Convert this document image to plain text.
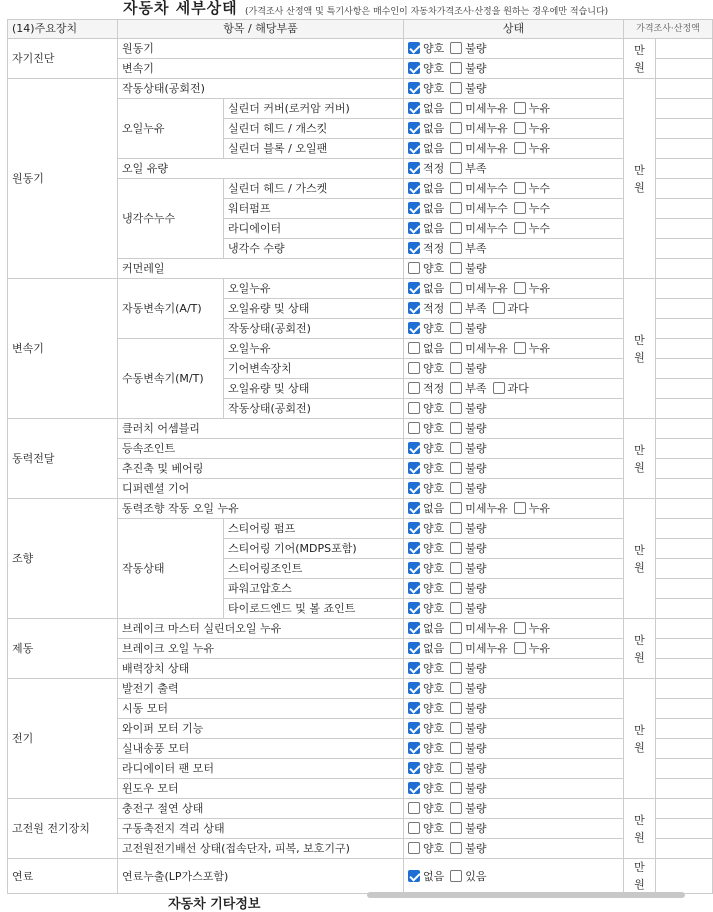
자동차 세부상태 (가격조사 산정액 및 특기사항은 매수인이 자동차가격조사·산정을 원하는 경우에만 적습니다)
(14)주요장치	항목 / 해당부품		상태	가격조사·산정액	
자기진단	원동기		양호 불량	만
원	
	변속기		양호 불량		
원동기	작동상태(공회전)		양호 불량	만
원	
	오일누유	실린더 커버(로커암 커버)	없음 미세누유 누유		
		실린더 헤드 / 개스킷	없음 미세누유 누유		
		실린더 블록 / 오일팬	없음 미세누유 누유		
	오일 유량		적정 부족		
	냉각수누수	실린더 헤드 / 가스켓	없음 미세누수 누수		
		워터펌프	없음 미세누수 누수		
		라디에이터	없음 미세누수 누수		
		냉각수 수량	적정 부족		
	커먼레일		양호 불량		
변속기	자동변속기(A/T)	오일누유	없음 미세누유 누유	만
원	
		오일유량 및 상태	적정 부족 과다		
		작동상태(공회전)	양호 불량		
	수동변속기(M/T)	오일누유	없음 미세누유 누유		
		기어변속장치	양호 불량		
		오일유량 및 상태	적정 부족 과다		
		작동상태(공회전)	양호 불량		
동력전달	클러치 어셈블리		양호 불량	만
원	
	등속조인트		양호 불량		
	추진축 및 베어링		양호 불량		
	디퍼렌셜 기어		양호 불량		
조향	동력조향 작동 오일 누유		없음 미세누유 누유	만
원	
	작동상태	스티어링 펌프	양호 불량		
		스티어링 기어(MDPS포함)	양호 불량		
		스티어링조인트	양호 불량		
		파워고압호스	양호 불량		
		타이로드엔드 및 볼 죠인트	양호 불량		
제동	브레이크 마스터 실린더오일 누유		없음 미세누유 누유	만
원	
	브레이크 오일 누유		없음 미세누유 누유		
	배력장치 상태		양호 불량		
전기	발전기 출력		양호 불량	만
원	
	시동 모터		양호 불량		
	와이퍼 모터 기능		양호 불량		
	실내송풍 모터		양호 불량		
	라디에이터 팬 모터		양호 불량		
	윈도우 모터		양호 불량		
고전원 전기장치	충전구 절연 상태		양호 불량	만
원	
	구동축전지 격리 상태		양호 불량		
	고전원전기배선 상태(접속단자, 피복, 보호기구)		양호 불량		
연료	연료누출(LP가스포함)		없음 있음	만
원	
자동차 기타정보
